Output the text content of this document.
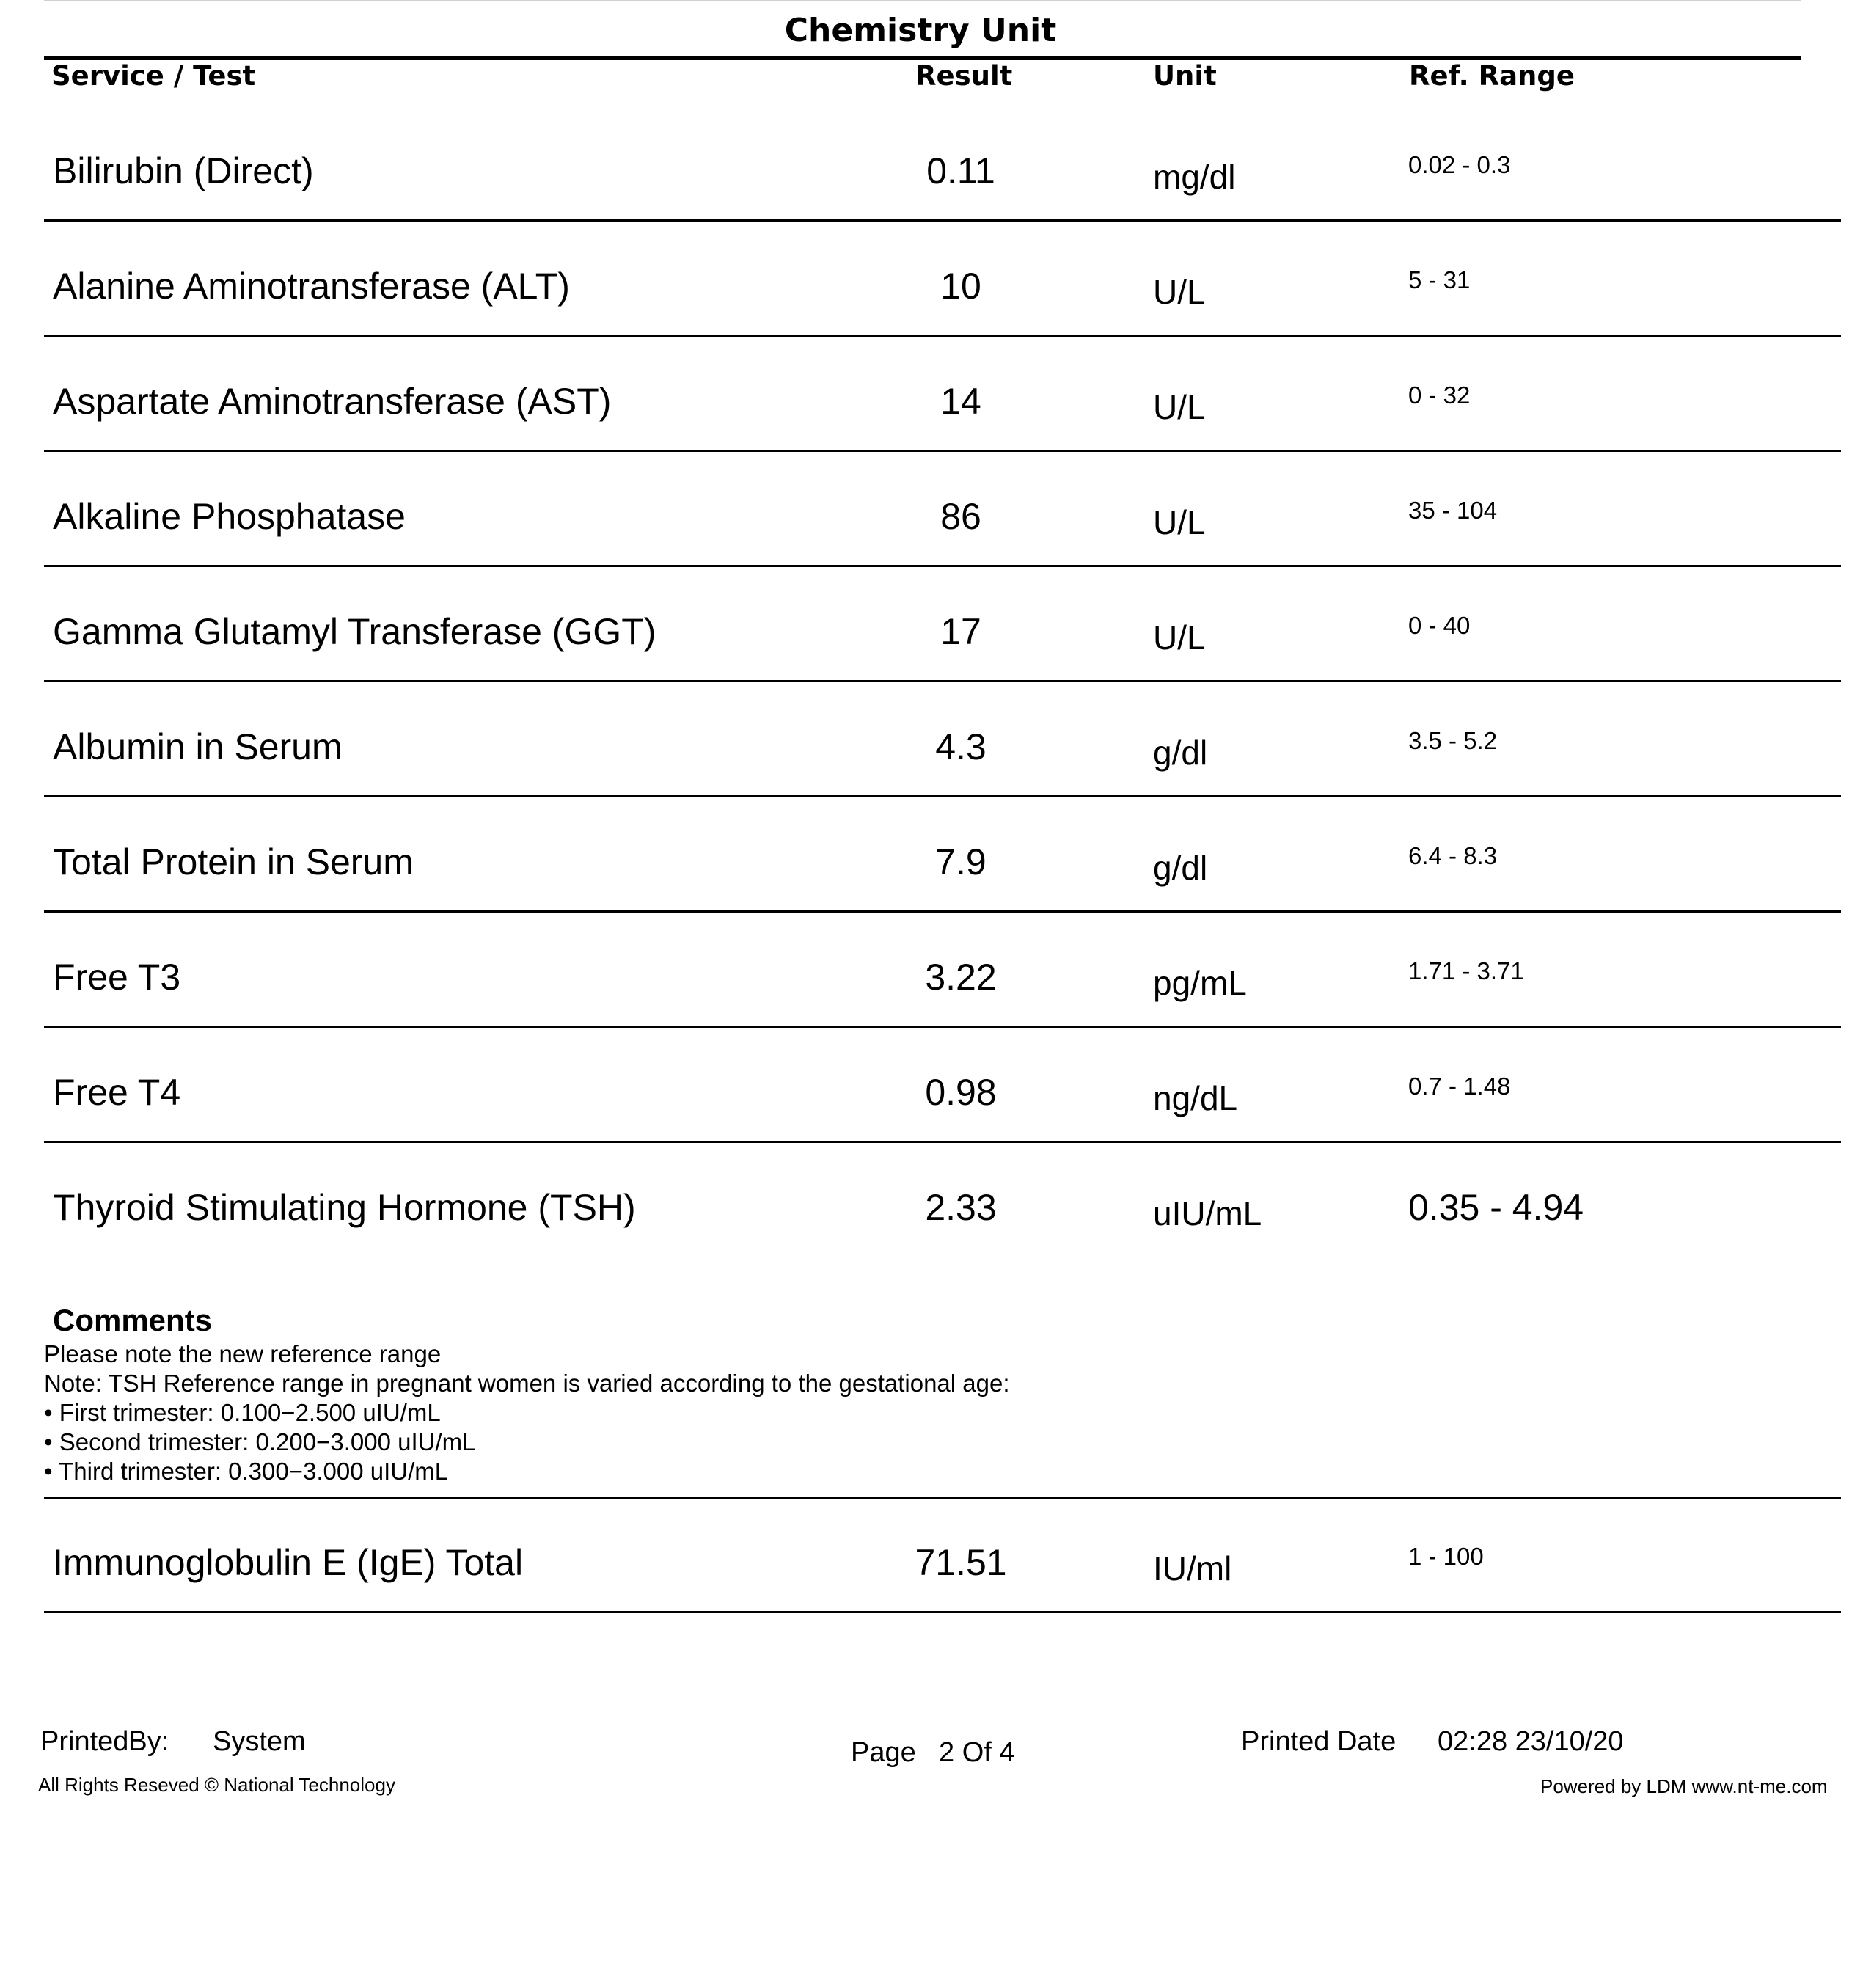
Chemistry Unit
Service / Test	Result	Unit	Ref. Range
Bilirubin (Direct)	0.11	mg/dl	0.02 - 0.3
Alanine Aminotransferase (ALT)	10	U/L	5 - 31
Aspartate Aminotransferase (AST)	14	U/L	0 - 32
Alkaline Phosphatase	86	U/L	35 - 104
Gamma Glutamyl Transferase (GGT)	17	U/L	0 - 40
Albumin in Serum	4.3	g/dl	3.5 - 5.2
Total Protein in Serum	7.9	g/dl	6.4 - 8.3
Free T3	3.22	pg/mL	1.71 - 3.71
Free T4	0.98	ng/dL	0.7 - 1.48
Thyroid Stimulating Hormone (TSH)	2.33	uIU/mL	0.35 - 4.94
Comments
Please note the new reference range
Note: TSH Reference range in pregnant women is varied according to the gestational age:
• First trimester: 0.100−2.500 uIU/mL
• Second trimester: 0.200−3.000 uIU/mL
• Third trimester: 0.300−3.000 uIU/mL
Immunoglobulin E (IgE) Total	71.51	IU/ml	1 - 100
PrintedBy: System	Page 2 Of 4	Printed Date 02:28 23/10/20
All Rights Reseved © National Technology	Powered by LDM www.nt-me.com
